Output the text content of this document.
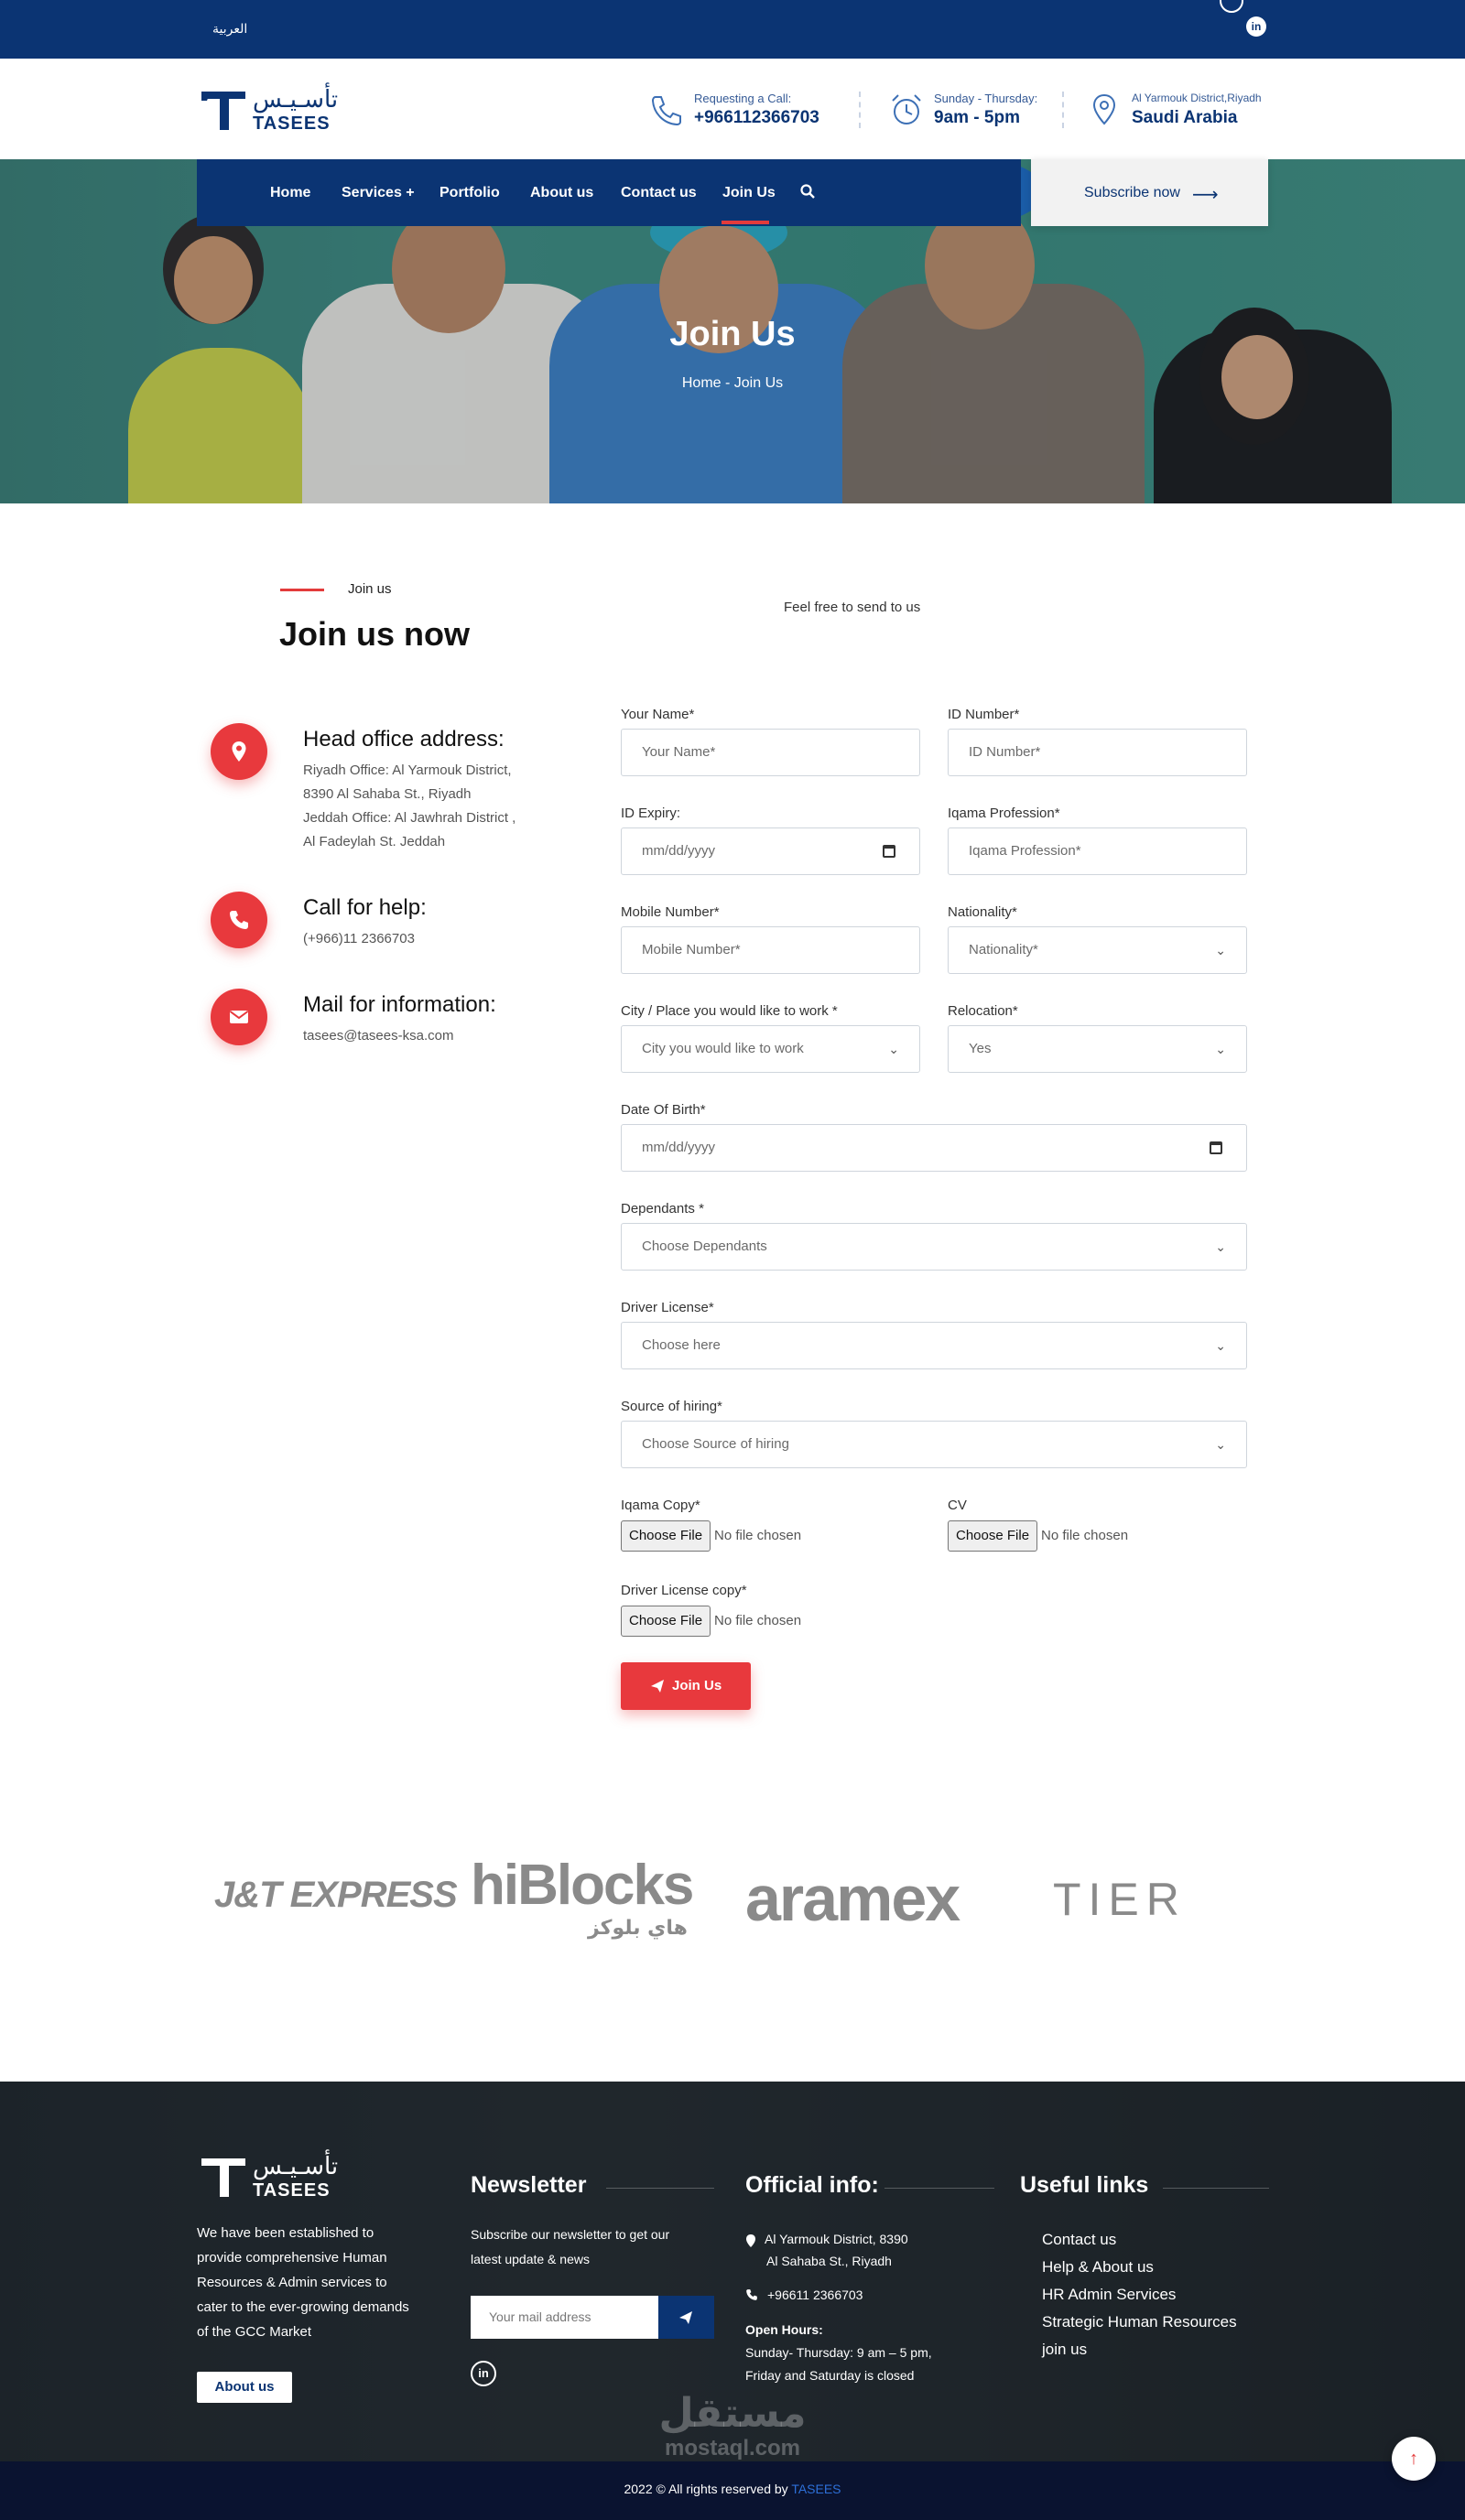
العربية	in
تأسـيـس
TASEES
Requesting a Call:
+966112366703
Sunday - Thursday:
9am - 5pm
Al Yarmouk District,Riyadh
Saudi Arabia
Join Us
Home - Join Us
Home Services + Portfolio About us Contact us Join Us	Subscribe now ⟶
Join us
Join us now
Feel free to send to us
Head office address:
Riyadh Office: Al Yarmouk District,
8390 Al Sahaba St., Riyadh
Jeddah Office: Al Jawhrah District ,
Al Fadeylah St. Jeddah
Call for help:
(+966)11 2366703
Mail for information:
tasees@tasees-ksa.com
Your Name*
Your Name*
ID Number*
ID Number*
ID Expiry:
mm/dd/yyyy
Iqama Profession*
Iqama Profession*
Mobile Number*
Mobile Number*
Nationality*
Nationality*	⌄
City / Place you would like to work *
City you would like to work	⌄
Relocation*
Yes	⌄
Date Of Birth*
mm/dd/yyyy
Dependants *
Choose Dependants	⌄
Driver License*
Choose here	⌄
Source of hiring*
Choose Source of hiring	⌄
Iqama Copy*
Choose File No file chosen
CV
Choose File No file chosen
Driver License copy*
Choose File No file chosen
Join Us
J&T EXPRESS hiBlocks
هاي بلوكز aramex TIER
تأسـيـس
TASEES
We have been established to
provide comprehensive Human
Resources & Admin services to
cater to the ever-growing demands
of the GCC Market
About us
Newsletter
Subscribe our newsletter to get our
latest update & news
Your mail address
in
Official info:
Al Yarmouk District, 8390
Al Sahaba St., Riyadh
+96611 2366703
Open Hours:
Sunday- Thursday: 9 am – 5 pm,
Friday and Saturday is closed
Useful links
Contact us
Help & About us
HR Admin Services
Strategic Human Resources
join us
مستقل
mostaql.com
2022 © All rights reserved by TASEES
↑
